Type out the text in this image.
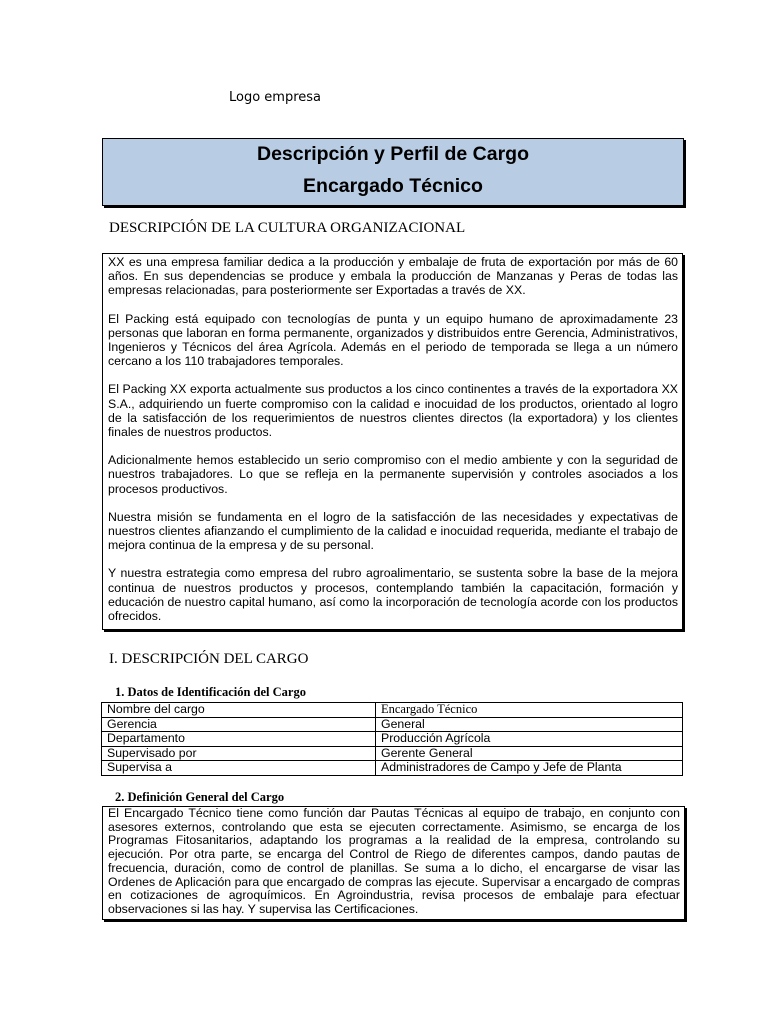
Logo empresa
Descripción y Perfil de Cargo
Encargado Técnico
DESCRIPCIÓN DE LA CULTURA ORGANIZACIONAL

XX es una empresa familiar dedica a la producción y embalaje de fruta de exportación por más de 60 años. En sus dependencias se produce y embala la producción de Manzanas y Peras de todas las empresas relacionadas, para posteriormente ser Exportadas a través de XX.

El Packing está equipado con tecnologías de punta y un equipo humano de aproximadamente 23 personas que laboran en forma permanente, organizados y distribuidos entre Gerencia, Administrativos, Ingenieros y Técnicos del área Agrícola. Además en el periodo de temporada se llega a un número cercano a los 110 trabajadores temporales.

El Packing XX exporta actualmente sus productos a los cinco continentes a través de la exportadora XX S.A., adquiriendo un fuerte compromiso con la calidad e inocuidad de los productos, orientado al logro de la satisfacción de los requerimientos de nuestros clientes directos (la exportadora) y los clientes finales de nuestros productos.

Adicionalmente hemos establecido un serio compromiso con el medio ambiente y con la seguridad de nuestros trabajadores. Lo que se refleja en la permanente supervisión y controles asociados a los procesos productivos.

Nuestra misión se fundamenta en el logro de la satisfacción de las necesidades y expectativas de nuestros clientes afianzando el cumplimiento de la calidad e inocuidad requerida, mediante el trabajo de mejora continua de la empresa y de su personal.

Y nuestra estrategia como empresa del rubro agroalimentario, se sustenta sobre la base de la mejora continua de nuestros productos y procesos, contemplando también la capacitación, formación y educación de nuestro capital humano, así como la incorporación de tecnología acorde con los productos ofrecidos.

I. DESCRIPCIÓN DEL CARGO
1. Datos de Identificación del Cargo
Nombre del cargo	Encargado Técnico
Gerencia	General
Departamento	Producción Agrícola
Supervisado por	Gerente General
Supervisa a	Administradores de Campo y Jefe de Planta
2. Definición General del Cargo
El Encargado Técnico tiene como función dar Pautas Técnicas al equipo de trabajo, en conjunto con asesores externos, controlando que esta se ejecuten correctamente. Asimismo, se encarga de los Programas Fitosanitarios, adaptando los programas a la realidad de la empresa, controlando su ejecución. Por otra parte, se encarga del Control de Riego de diferentes campos, dando pautas de frecuencia, duración, como de control de planillas. Se suma a lo dicho, el encargarse de visar las Ordenes de Aplicación para que encargado de compras las ejecute. Supervisar a encargado de compras en cotizaciones de agroquímicos. En Agroindustria, revisa procesos de embalaje para efectuar observaciones si las hay. Y supervisa las Certificaciones.
